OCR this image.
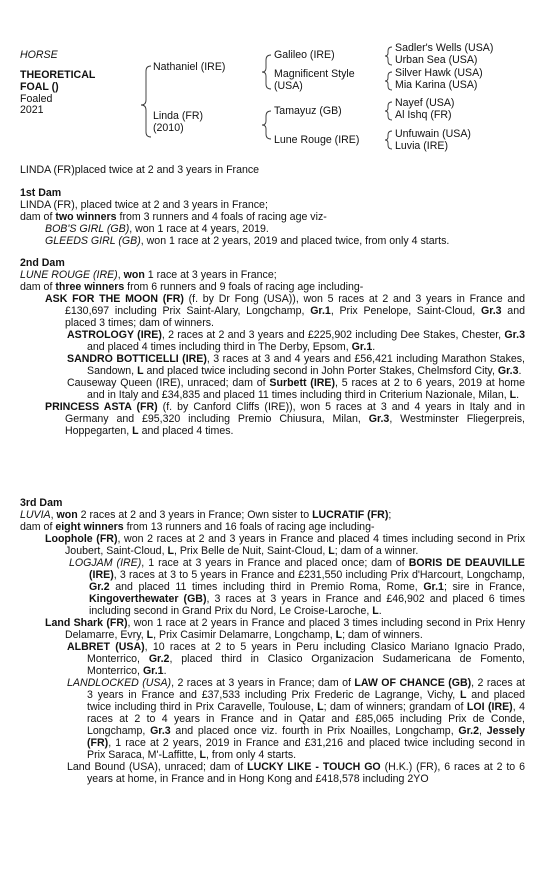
HORSE
THEORETICAL
FOAL ()
Foaled
2021
Nathaniel (IRE)
Linda (FR)
(2010)
Galileo (IRE)
Magnificent Style
(USA)
Tamayuz (GB)
Lune Rouge (IRE)
Sadler's Wells (USA)
Urban Sea (USA)
Silver Hawk (USA)
Mia Karina (USA)
Nayef (USA)
Al Ishq (FR)
Unfuwain (USA)
Luvia (IRE)

LINDA (FR)placed twice at 2 and 3 years in France

1st Dam

LINDA (FR), placed twice at 2 and 3 years in France;

dam of two winners from 3 runners and 4 foals of racing age viz-

BOB'S GIRL (GB), won 1 race at 4 years, 2019.

GLEEDS GIRL (GB), won 1 race at 2 years, 2019 and placed twice, from only 4 starts.

2nd Dam

LUNE ROUGE (IRE), won 1 race at 3 years in France;

dam of three winners from 6 runners and 9 foals of racing age including-

ASK FOR THE MOON (FR) (f. by Dr Fong (USA)), won 5 races at 2 and 3 years in France and £130,697 including Prix Saint-Alary, Longchamp, Gr.1, Prix Penelope, Saint-Cloud, Gr.3 and placed 3 times; dam of winners.

ASTROLOGY (IRE), 2 races at 2 and 3 years and £225,902 including Dee Stakes, Chester, Gr.3 and placed 4 times including third in The Derby, Epsom, Gr.1.

SANDRO BOTTICELLI (IRE), 3 races at 3 and 4 years and £56,421 including Marathon Stakes, Sandown, L and placed twice including second in John Porter Stakes, Chelmsford City, Gr.3.

Causeway Queen (IRE), unraced; dam of Surbett (IRE), 5 races at 2 to 6 years, 2019 at home and in Italy and £34,835 and placed 11 times including third in Criterium Nazionale, Milan, L.

PRINCESS ASTA (FR) (f. by Canford Cliffs (IRE)), won 5 races at 3 and 4 years in Italy and in Germany and £95,320 including Premio Chiusura, Milan, Gr.3, Westminster Fliegerpreis, Hoppegarten, L and placed 4 times.

3rd Dam

LUVIA, won 2 races at 2 and 3 years in France; Own sister to LUCRATIF (FR);

dam of eight winners from 13 runners and 16 foals of racing age including-

Loophole (FR), won 2 races at 2 and 3 years in France and placed 4 times including second in Prix Joubert, Saint-Cloud, L, Prix Belle de Nuit, Saint-Cloud, L; dam of a winner.

LOGJAM (IRE), 1 race at 3 years in France and placed once; dam of BORIS DE DEAUVILLE (IRE), 3 races at 3 to 5 years in France and £231,550 including Prix d'Harcourt, Longchamp, Gr.2 and placed 11 times including third in Premio Roma, Rome, Gr.1; sire in France, Kingoverthewater (GB), 3 races at 3 years in France and £46,902 and placed 6 times including second in Grand Prix du Nord, Le Croise-Laroche, L.

Land Shark (FR), won 1 race at 2 years in France and placed 3 times including second in Prix Henry Delamarre, Evry, L, Prix Casimir Delamarre, Longchamp, L; dam of winners.

ALBRET (USA), 10 races at 2 to 5 years in Peru including Clasico Mariano Ignacio Prado, Monterrico, Gr.2, placed third in Clasico Organizacion Sudamericana de Fomento, Monterrico, Gr.1.

LANDLOCKED (USA), 2 races at 3 years in France; dam of LAW OF CHANCE (GB), 2 races at 3 years in France and £37,533 including Prix Frederic de Lagrange, Vichy, L and placed twice including third in Prix Caravelle, Toulouse, L; dam of winners; grandam of LOI (IRE), 4 races at 2 to 4 years in France and in Qatar and £85,065 including Prix de Conde, Longchamp, Gr.3 and placed once viz. fourth in Prix Noailles, Longchamp, Gr.2, Jessely (FR), 1 race at 2 years, 2019 in France and £31,216 and placed twice including second in Prix Saraca, M'-Laffitte, L, from only 4 starts.

Land Bound (USA), unraced; dam of LUCKY LIKE - TOUCH GO (H.K.) (FR), 6 races at 2 to 6 years at home, in France and in Hong Kong and £418,578 including 2YO
